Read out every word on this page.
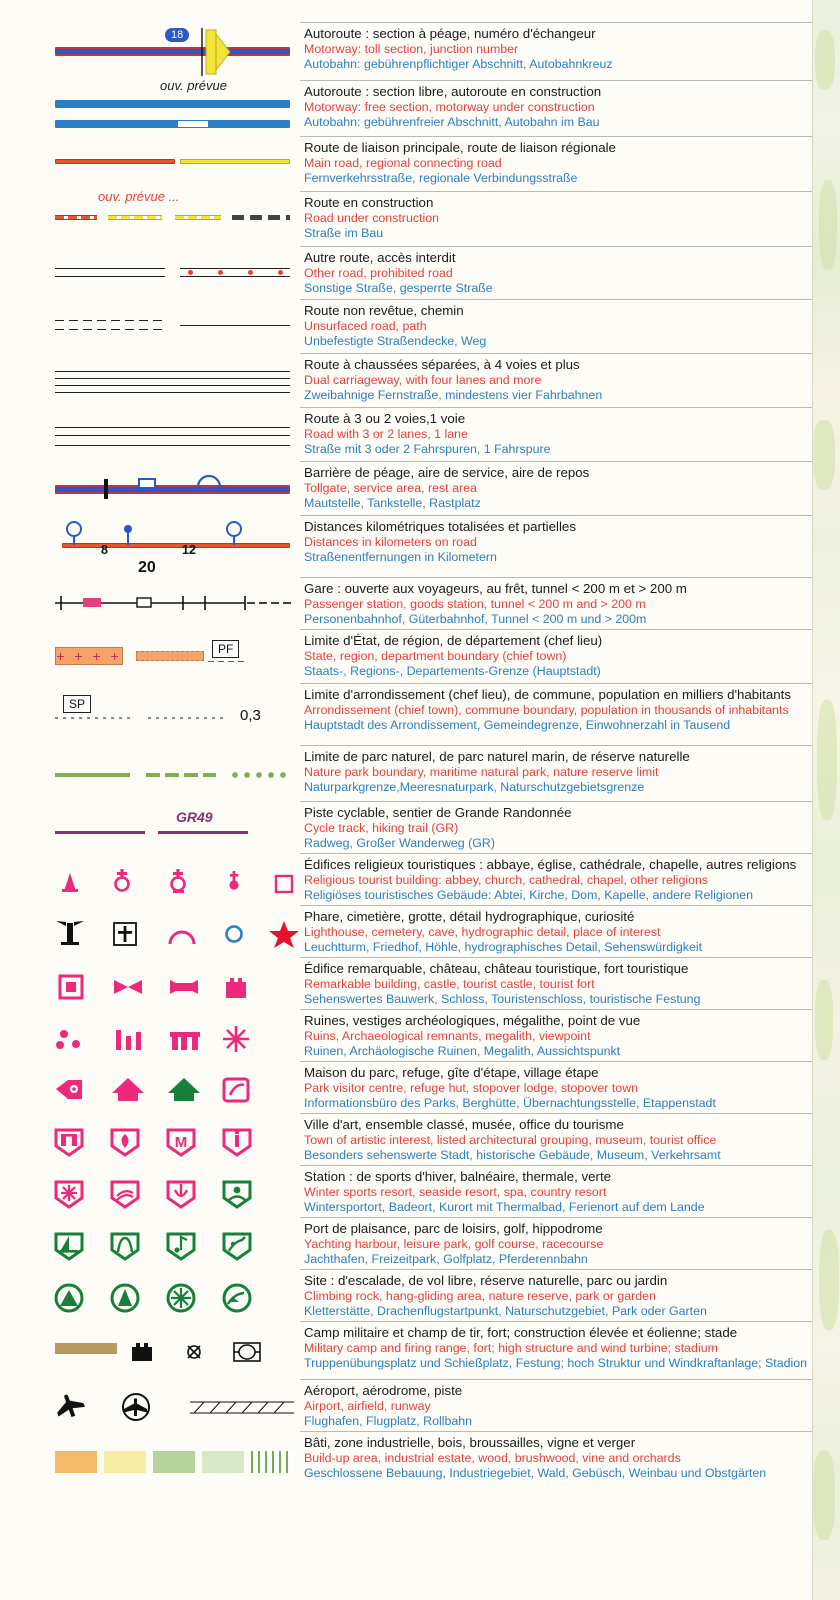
18	Autoroute : section à péage, numéro d'échangeur
Motorway: toll section, junction number
Autobahn: gebührenpflichtiger Abschnitt, Autobahnkreuz
ouv. prévue	Autoroute : section libre, autoroute en construction
Motorway: free section, motorway under construction
Autobahn: gebührenfreier Abschnitt, Autobahn im Bau
Route de liaison principale, route de liaison régionale
Main road, regional connecting road
Fernverkehrsstraße, regionale Verbindungsstraße
ouv. prévue ...	Route en construction
Road under construction
Straße im Bau
Autre route, accès interdit
Other road, prohibited road
Sonstige Straße, gesperrte Straße
Route non revêtue, chemin
Unsurfaced road, path
Unbefestigte Straßendecke, Weg
Route à chaussées séparées, à 4 voies et plus
Dual carriageway, with four lanes and more
Zweibahnige Fernstraße, mindestens vier Fahrbahnen
Route à 3 ou 2 voies,1 voie
Road with 3 or 2 lanes, 1 lane
Straße mit 3 oder 2 Fahrspuren, 1 Fahrspure
Barrière de péage, aire de service, aire de repos
Tollgate, service area, rest area
Mautstelle, Tankstelle, Rastplatz
8	12
20
Distances kilométriques totalisées et partielles
Distances in kilometers on road
Straßenentfernungen in Kilometern
Gare : ouverte aux voyageurs, au frêt, tunnel < 200 m et > 200 m
Passenger station, goods station, tunnel < 200 m and > 200 m
Personenbahnhof, Güterbahnhof, Tunnel < 200 m und > 200m
+ + + +	PF
Limite d'État, de région, de département (chef lieu)
State, region, department boundary (chief town)
Staats-, Regions-, Departements-Grenze (Hauptstadt)
SP
0,3
Limite d'arrondissement (chef lieu), de commune, population en milliers d'habitants
Arrondissement (chief town), commune boundary, population in thousands of inhabitants
Hauptstadt des Arrondissement, Gemeindegrenze, Einwohnerzahl in Tausend
Limite de parc naturel, de parc naturel marin, de réserve naturelle
Nature park boundary, maritime natural park, nature reserve limit
Naturparkgrenze,Meeresnaturpark, Naturschutzgebietsgrenze
GR49	Piste cyclable, sentier de Grande Randonnée
Cycle track, hiking trail (GR)
Radweg, Großer Wanderweg (GR)
Édifices religieux touristiques : abbaye, église, cathédrale, chapelle, autres religions
Religious tourist building: abbey, church, cathedral, chapel, other religions
Religiöses touristisches Gebäude: Abtei, Kirche, Dom, Kapelle, andere Religionen
Phare, cimetière, grotte, détail hydrographique, curiosité
Lighthouse, cemetery, cave, hydrographic detail, place of interest
Leuchtturm, Friedhof, Höhle, hydrographisches Detail, Sehenswürdigkeit
Édifice remarquable, château, château touristique, fort touristique
Remarkable building, castle, tourist castle, tourist fort
Sehenswertes Bauwerk, Schloss, Touristenschloss, touristische Festung
Ruines, vestiges archéologiques, mégalithe, point de vue
Ruins, Archaeological remnants, megalith, viewpoint
Ruinen, Archäologische Ruinen, Megalith, Aussichtspunkt
Maison du parc, refuge, gîte d'étape, village étape
Park visitor centre, refuge hut, stopover lodge, stopover town
Informationsbüro des Parks, Berghütte, Übernachtungsstelle, Etappenstadt
M
Ville d'art, ensemble classé, musée, office du tourisme
Town of artistic interest, listed architectural grouping, museum, tourist office
Besonders sehenswerte Stadt, historische Gebäude, Museum, Verkehrsamt
Station : de sports d'hiver, balnéaire, thermale, verte
Winter sports resort, seaside resort, spa, country resort
Wintersportort, Badeort, Kurort mit Thermalbad, Ferienort auf dem Lande
Port de plaisance, parc de loisirs, golf, hippodrome
Yachting harbour, leisure park, golf course, racecourse
Jachthafen, Freizeitpark, Golfplatz, Pferderennbahn
Site : d'escalade, de vol libre, réserve naturelle, parc ou jardin
Climbing rock, hang-gliding area, nature reserve, park or garden
Kletterstätte, Drachenflugstartpunkt, Naturschutzgebiet, Park oder Garten
Camp militaire et champ de tir, fort; construction élevée et éolienne; stade
Military camp and firing range, fort; high structure and wind turbine; stadium
Truppenübungsplatz und Schießplatz, Festung; hoch Struktur und Windkraftanlage; Stadion
Aéroport, aérodrome, piste
Airport, airfield, runway
Flughafen, Flugplatz, Rollbahn
Bâti, zone industrielle, bois, broussailles, vigne et verger
Build-up area, industrial estate, wood, brushwood, vine and orchards
Geschlossene Bebauung, Industriegebiet, Wald, Gebüsch, Weinbau und Obstgärten
